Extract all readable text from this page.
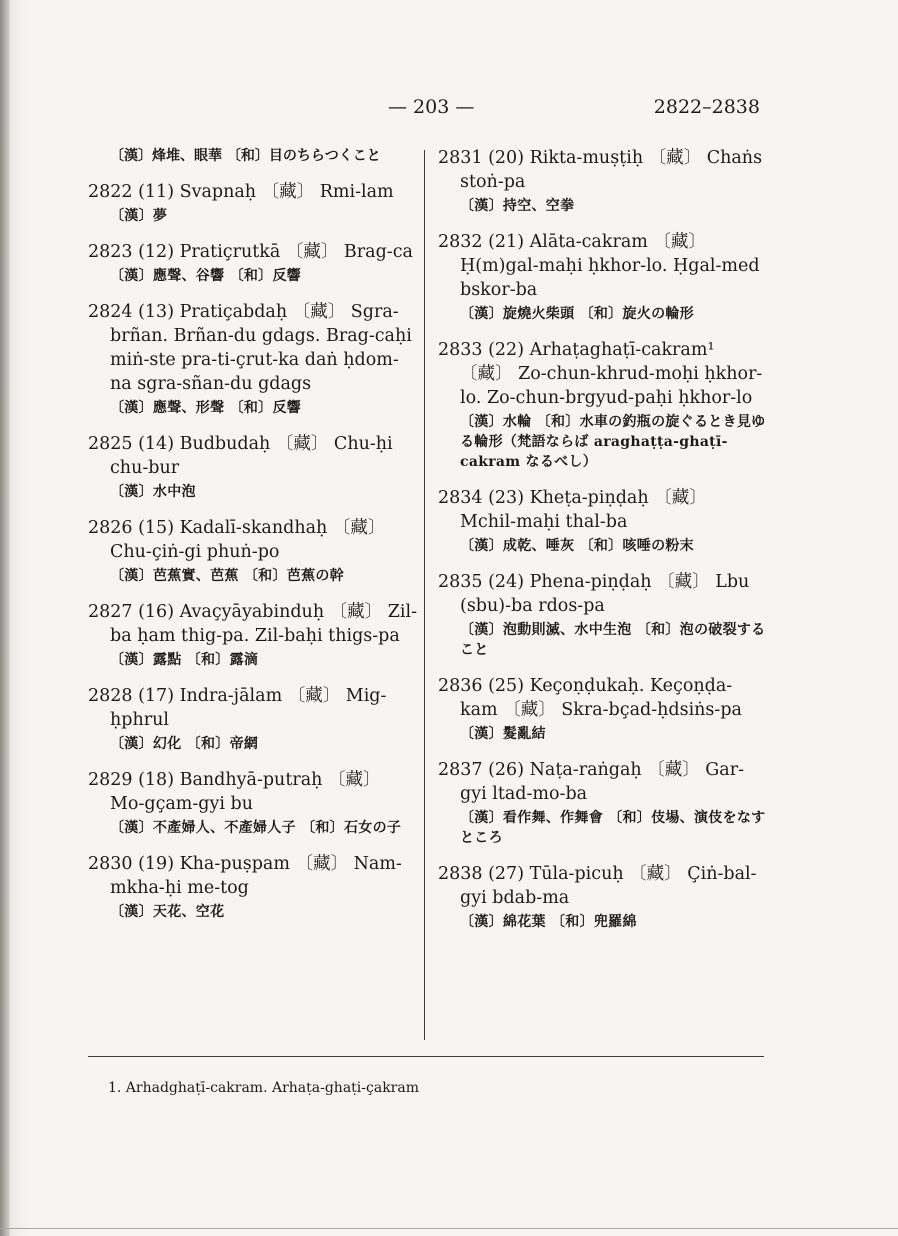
— 203 —	2822–2838

〔漢〕烽堆、眼華 〔和〕目のちらつくこと

2822 (11) Svapnaḥ 〔藏〕 Rmi-lam

〔漢〕夢

2823 (12) Pratiçrutkā 〔藏〕 Brag-ca

〔漢〕應聲、谷響 〔和〕反響

2824 (13) Pratiçabdaḥ 〔藏〕 Sgra-brñan. Brñan-du gdags. Brag-caḥi miṅ-ste pra-ti-çrut-ka daṅ ḥdom-na sgra-sñan-du gdags

〔漢〕應聲、形聲 〔和〕反響

2825 (14) Budbudaḥ 〔藏〕 Chu-ḥi chu-bur

〔漢〕水中泡

2826 (15) Kadalī-skandhaḥ 〔藏〕 Chu-çiṅ-gi phuṅ-po

〔漢〕芭蕉實、芭蕉 〔和〕芭蕉の幹

2827 (16) Avaçyāyabinduḥ 〔藏〕 Zil-ba ḥam thig-pa. Zil-baḥi thigs-pa

〔漢〕露點 〔和〕露滴

2828 (17) Indra-jālam 〔藏〕 Mig-ḥphrul

〔漢〕幻化 〔和〕帝網

2829 (18) Bandhyā-putraḥ 〔藏〕 Mo-gçam-gyi bu

〔漢〕不產婦人、不產婦人子 〔和〕石女の子

2830 (19) Kha-puṣpam 〔藏〕 Nam-mkha-ḥi me-tog

〔漢〕天花、空花

2831 (20) Rikta-muṣṭiḥ 〔藏〕 Chaṅs stoṅ-pa

〔漢〕持空、空拳

2832 (21) Alāta-cakram 〔藏〕 Ḥ(m)gal-maḥi ḥkhor-lo. Ḥgal-med bskor-ba

〔漢〕旋燒火柴頭 〔和〕旋火の輪形

2833 (22) Arhaṭaghaṭī-cakram¹ 〔藏〕 Zo-chun-khrud-moḥi ḥkhor-lo. Zo-chun-brgyud-paḥi ḥkhor-lo

〔漢〕水輪 〔和〕水車の釣瓶の旋ぐるとき見ゆる輪形（梵語ならば araghaṭṭa-ghaṭī-cakram なるべし）

2834 (23) Kheṭa-piṇḍaḥ 〔藏〕 Mchil-maḥi thal-ba

〔漢〕成乾、唾灰 〔和〕咳唾の粉末

2835 (24) Phena-piṇḍaḥ 〔藏〕 Lbu (sbu)-ba rdos-pa

〔漢〕泡動則滅、水中生泡 〔和〕泡の破裂すること

2836 (25) Keçoṇḍukaḥ. Keçoṇḍa-kam 〔藏〕 Skra-bçad-ḥdsiṅs-pa

〔漢〕髮亂結

2837 (26) Naṭa-raṅgaḥ 〔藏〕 Gar-gyi ltad-mo-ba

〔漢〕看作舞、作舞會 〔和〕伎場、演伎をなすところ

2838 (27) Tūla-picuḥ 〔藏〕 Çiṅ-bal-gyi bdab-ma

〔漢〕綿花葉 〔和〕兜羅綿

1. Arhadghaṭī-cakram. Arhaṭa-ghaṭi-çakram
